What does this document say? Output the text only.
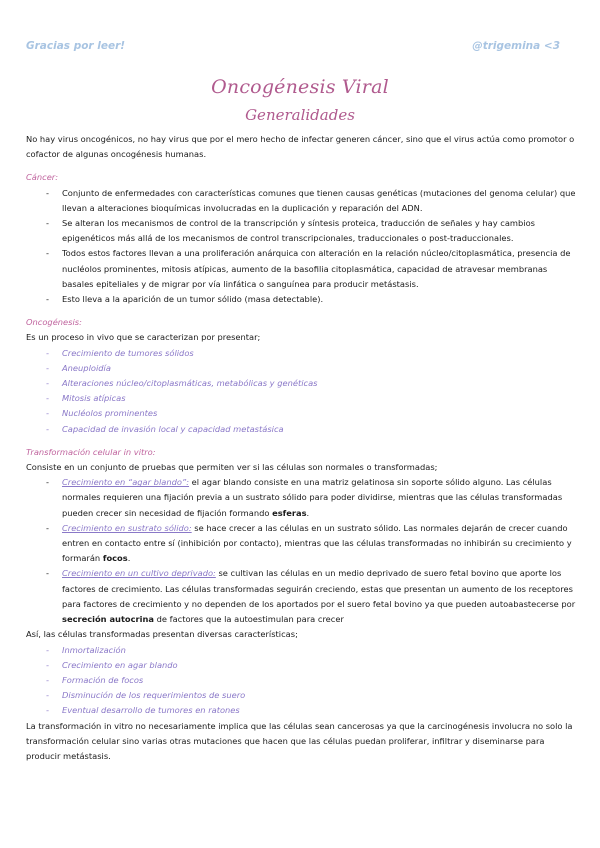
Gracias por leer!	@trigemina <3
Oncogénesis Viral
Generalidades

No hay virus oncogénicos, no hay virus que por el mero hecho de infectar generen cáncer, sino que el virus actúa como promotor o cofactor de algunas oncogénesis humanas.

Cáncer:

- Conjunto de enfermedades con características comunes que tienen causas genéticas (mutaciones del genoma celular) que llevan a alteraciones bioquímicas involucradas en la duplicación y reparación del ADN.
- Se alteran los mecanismos de control de la transcripción y síntesis proteica, traducción de señales y hay cambios epigenéticos más allá de los mecanismos de control transcripcionales, traduccionales o post-traduccionales.
- Todos estos factores llevan a una proliferación anárquica con alteración en la relación núcleo/citoplasmática, presencia de nucléolos prominentes, mitosis atípicas, aumento de la basofilia citoplasmática, capacidad de atravesar membranas basales epiteliales y de migrar por vía linfática o sanguínea para producir metástasis.
- Esto lleva a la aparición de un tumor sólido (masa detectable).

Oncogénesis:

Es un proceso in vivo que se caracterizan por presentar;

- Crecimiento de tumores sólidos
- Aneuploidía
- Alteraciones núcleo/citoplasmáticas, metabólicas y genéticas
- Mitosis atípicas
- Nucléolos prominentes
- Capacidad de invasión local y capacidad metastásica

Transformación celular in vitro:

Consiste en un conjunto de pruebas que permiten ver si las células son normales o transformadas;

- Crecimiento en “agar blando”: el agar blando consiste en una matriz gelatinosa sin soporte sólido alguno. Las células normales requieren una fijación previa a un sustrato sólido para poder dividirse, mientras que las células transformadas pueden crecer sin necesidad de fijación formando esferas.
- Crecimiento en sustrato sólido: se hace crecer a las células en un sustrato sólido. Las normales dejarán de crecer cuando entren en contacto entre sí (inhibición por contacto), mientras que las células transformadas no inhibirán su crecimiento y formarán focos.
- Crecimiento en un cultivo deprivado: se cultivan las células en un medio deprivado de suero fetal bovino que aporte los factores de crecimiento. Las células transformadas seguirán creciendo, estas que presentan un aumento de los receptores para factores de crecimiento y no dependen de los aportados por el suero fetal bovino ya que pueden autoabastecerse por secreción autocrina de factores que la autoestimulan para crecer

Así, las células transformadas presentan diversas características;

- Inmortalización
- Crecimiento en agar blando
- Formación de focos
- Disminución de los requerimientos de suero
- Eventual desarrollo de tumores en ratones

La transformación in vitro no necesariamente implica que las células sean cancerosas ya que la carcinogénesis involucra no solo la transformación celular sino varias otras mutaciones que hacen que las células puedan proliferar, infiltrar y diseminarse para producir metástasis.
